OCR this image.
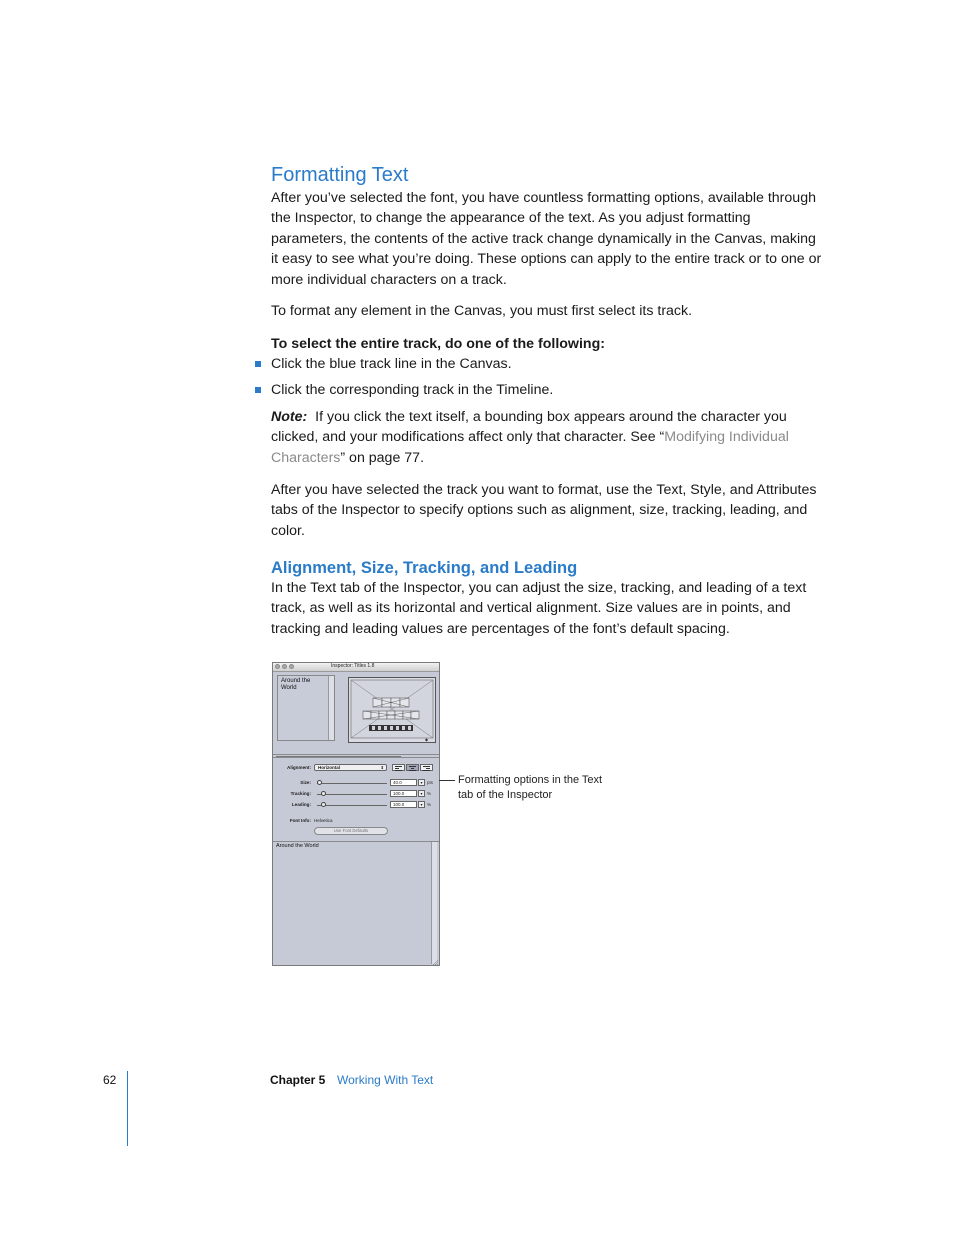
Formatting Text

After you’ve selected the font, you have countless formatting options, available through the Inspector, to change the appearance of the text. As you adjust formatting parameters, the contents of the active track change dynamically in the Canvas, making it easy to see what you’re doing. These options can apply to the entire track or to one or more individual characters on a track.

To format any element in the Canvas, you must first select its track.

To select the entire track, do one of the following:

Click the blue track line in the Canvas.

Click the corresponding track in the Timeline.

Note: If you click the text itself, a bounding box appears around the character you clicked, and your modifications affect only that character. See “Modifying Individual Characters” on page 77.

After you have selected the track you want to format, use the Text, Style, and Attributes tabs of the Inspector to specify options such as alignment, size, tracking, leading, and color.

Alignment, Size, Tracking, and Leading

In the Text tab of the Inspector, you can adjust the size, tracking, and leading of a text track, as well as its horizontal and vertical alignment. Size values are in points, and tracking and leading values are percentages of the font’s default spacing.

Inspector: Titles 1.8
Around the World
◆
Alignment:	Horizontal	⇕
Size:	40.0	▾	pts
Tracking:	100.0	▾	%
Leading:	100.0	▾	%
Font Info: Helvetica
Use Font Defaults
Around the World
Formatting options in the Text tab of the Inspector
62	Chapter 5 Working With Text
